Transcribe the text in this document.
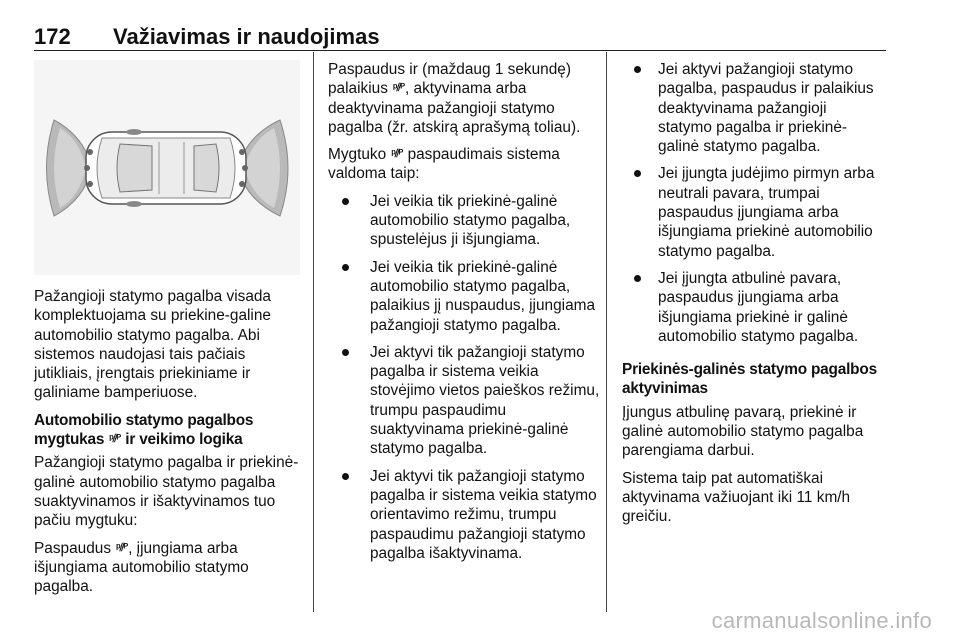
172 Važiavimas ir naudojimas

Pažangioji statymo pagalba visada komplektuojama su priekine-galine automobilio statymo pagalba. Abi sistemos naudojasi tais pačiais jutikliais, įrengtais priekiniame ir galiniame bamperiuose.

Automobilio statymo pagalbos mygtukas ᵖ⫽ᴾ ir veikimo logika

Pažangioji statymo pagalba ir priekinė-galinė automobilio statymo pagalba suaktyvinamos ir išaktyvinamos tuo pačiu mygtuku:

Paspaudus ᵖ⫽ᴾ, įjungiama arba išjungiama automobilio statymo pagalba.

Paspaudus ir (maždaug 1 sekundę) palaikius ᵖ⫽ᴾ, aktyvinama arba deaktyvinama pažangioji statymo pagalba (žr. atskirą aprašymą toliau).

Mygtuko ᵖ⫽ᴾ paspaudimais sistema valdoma taip:

Jei veikia tik priekinė-galinė automobilio statymo pagalba, spustelėjus ji išjungiama.
Jei veikia tik priekinė-galinė automobilio statymo pagalba, palaikius jį nuspaudus, įjungiama pažangioji statymo pagalba.
Jei aktyvi tik pažangioji statymo pagalba ir sistema veikia stovėjimo vietos paieškos režimu, trumpu paspaudimu suaktyvinama priekinė-galinė statymo pagalba.
Jei aktyvi tik pažangioji statymo pagalba ir sistema veikia statymo orientavimo režimu, trumpu paspaudimu pažangioji statymo pagalba išaktyvinama.
Jei aktyvi pažangioji statymo pagalba, paspaudus ir palaikius deaktyvinama pažangioji statymo pagalba ir priekinė-galinė statymo pagalba.
Jei įjungta judėjimo pirmyn arba neutrali pavara, trumpai paspaudus įjungiama arba išjungiama priekinė automobilio statymo pagalba.
Jei įjungta atbulinė pavara, paspaudus įjungiama arba išjungiama priekinė ir galinė automobilio statymo pagalba.
Priekinės-galinės statymo pagalbos aktyvinimas

Įjungus atbulinę pavarą, priekinė ir galinė automobilio statymo pagalba parengiama darbui.

Sistema taip pat automatiškai aktyvinama važiuojant iki 11 km/h greičiu.

carmanualsonline.info
